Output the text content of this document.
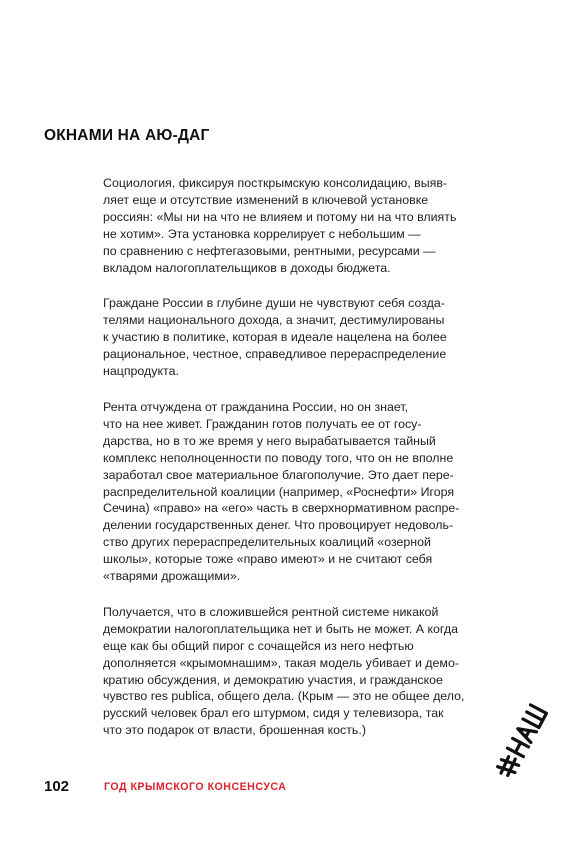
ОКНАМИ НА АЮ-ДАГ

Социология, фиксируя посткрымскую консолидацию, выяв-
ляет еще и отсутствие изменений в ключевой установке
россиян: «Мы ни на что не влияем и потому ни на что влиять
не хотим». Эта установка коррелирует с небольшим —
по сравнению с нефтегазовыми, рентными, ресурсами —
вкладом налогоплательщиков в доходы бюджета.

Граждане России в глубине души не чувствуют себя созда-
телями национального дохода, а значит, дестимулированы
к участию в политике, которая в идеале нацелена на более
рациональное, честное, справедливое перераспределение
нацпродукта.

Рента отчуждена от гражданина России, но он знает,
что на нее живет. Гражданин готов получать ее от госу-
дарства, но в то же время у него вырабатывается тайный
комплекс неполноценности по поводу того, что он не вполне
заработал свое материальное благополучие. Это дает пере-
распределительной коалиции (например, «Роснефти» Игоря
Сечина) «право» на «его» часть в сверхнормативном распре-
делении государственных денег. Что провоцирует недоволь-
ство других перераспределительных коалиций «озерной
школы», которые тоже «право имеют» и не считают себя
«тварями дрожащими».

Получается, что в сложившейся рентной системе никакой
демократии налогоплательщика нет и быть не может. А когда
еще как бы общий пирог с сочащейся из него нефтью
дополняется «крымомнашим», такая модель убивает и демо-
кратию обсуждения, и демократию участия, и гражданское
чувство res publica, общего дела. (Крым — это не общее дело,
русский человек брал его штурмом, сидя у телевизора, так
что это подарок от власти, брошенная кость.)

102	ГОД КРЫМСКОГО КОНСЕНСУСА
